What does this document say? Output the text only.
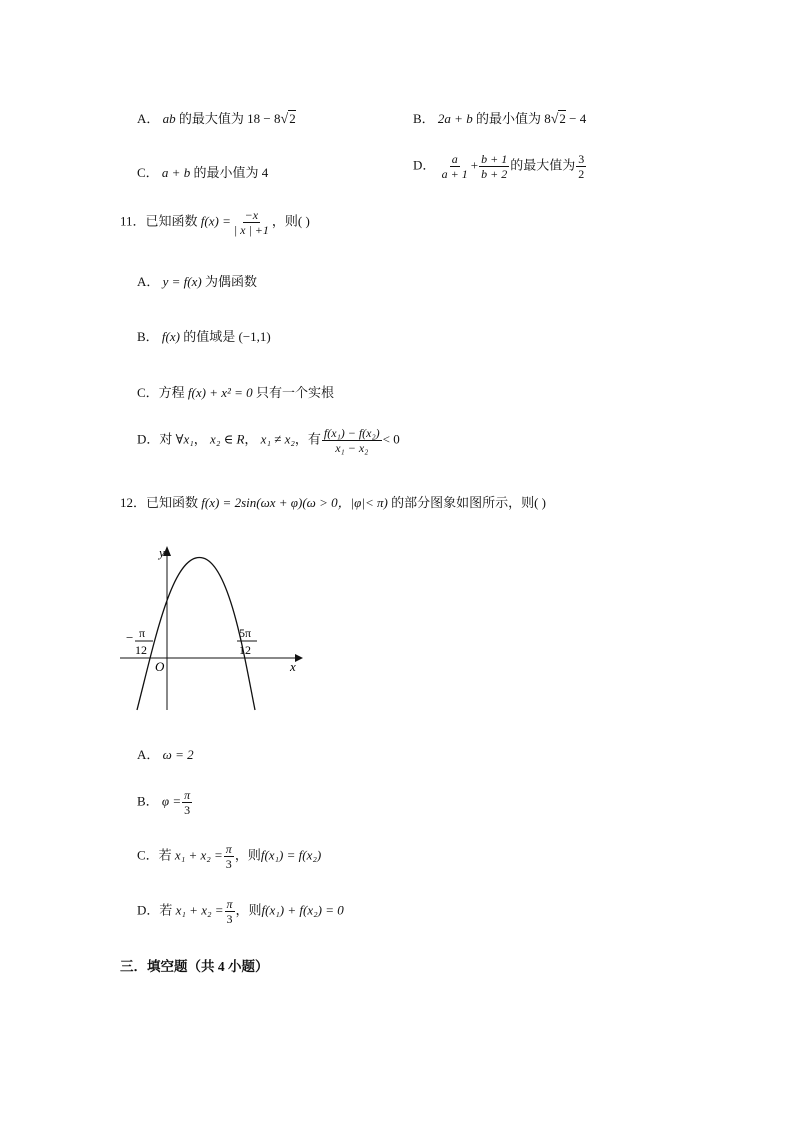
A． ab 的最大值为 18 − 8√2	B． 2a + b 的最小值为 8√2 − 4
C． a + b 的最小值为 4
D． $\frac{a}{a + 1} + \frac{b + 1}{b + 2}$ 的最大值为 $\frac{3}{2}$
11．已知函数 $f(x) = \frac{-x}{| x | +1}$ ，则( )
A． y = f(x) 为偶函数
B． f(x) 的值域是 (−1,1)
C．方程 f(x) + x² = 0 只有一个实根
D．对 ∀x₁， x₂ ∈ R， x₁ ≠ x₂，有 $\frac{\text{f(x₁) − f(x₂)}}{\text{x₁ − x₂}} < 0$
12．已知函数 f(x) = 2sin(ωx + φ)(ω > 0，|φ|< π) 的部分图象如图所示，则( )
y
x
O
− π
12
5π
12
A． ω = 2
B． $\varphi = \frac{\pi}{3}$
C．若 $x_1 + x_2 = \frac{\pi}{3}$ ，则f(x₁) = f(x₂)
D．若 $x_1 + x_2 = \frac{\pi}{3}$ ，则f(x₁) + f(x₂) = 0
三．填空题（共 4 小题）
